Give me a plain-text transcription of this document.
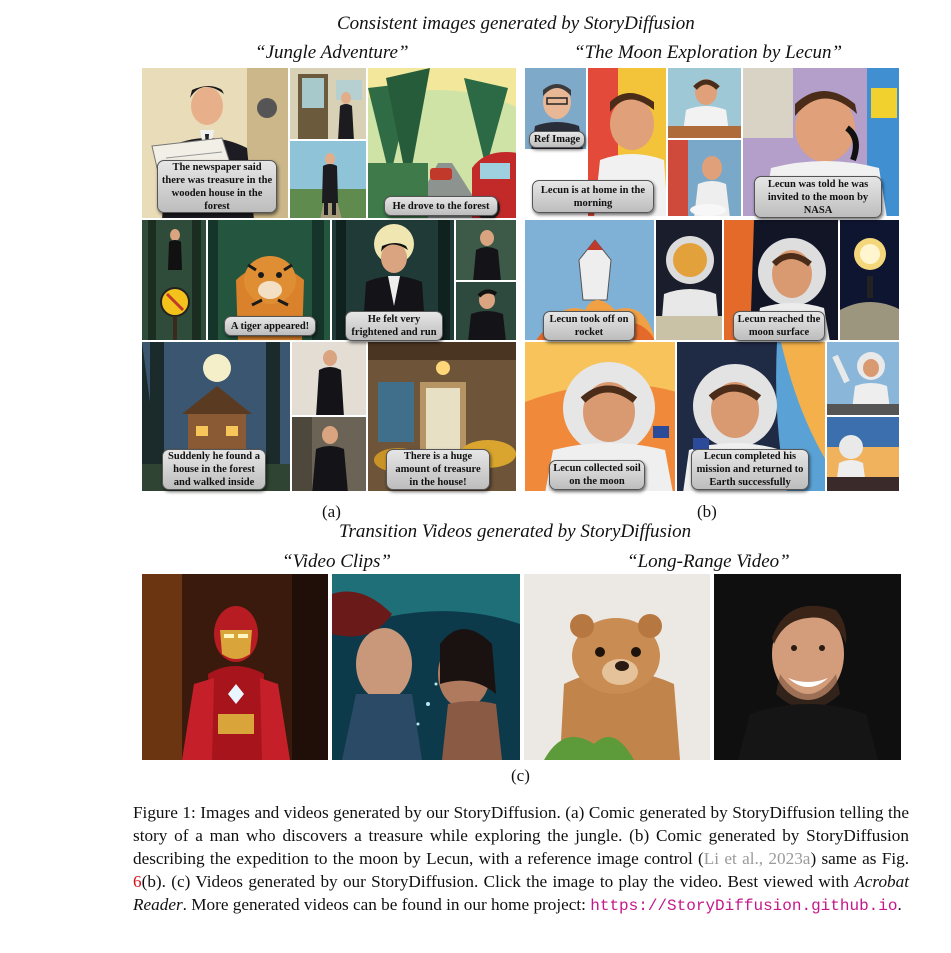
Consistent images generated by StoryDiffusion
“Jungle Adventure”	“The Moon Exploration by Lecun”
The newspaper said there was treasure in the wooden house in the forest	He drove to the forest
A tiger appeared!
He felt very frightened and run
Suddenly he found a house in the forest and walked inside
There is a huge amount of treasure in the house!
(a)
Ref Image
Lecun is at home in the morning
Lecun was told he was invited to the moon by NASA
Lecun took off on rocket
Lecun reached the moon surface
Lecun collected soil on the moon
Lecun completed his mission and returned to Earth successfully
(b)
Transition Videos generated by StoryDiffusion
“Video Clips”	“Long-Range Video”
(c)
Figure 1: Images and videos generated by our StoryDiffusion. (a) Comic generated by StoryDiffusion telling the story of a man who discovers a treasure while exploring the jungle. (b) Comic generated by StoryDiffusion describing the expedition to the moon by Lecun, with a reference image control (Li et al., 2023a) same as Fig. 6(b). (c) Videos generated by our StoryDiffusion. Click the image to play the video. Best viewed with Acrobat Reader. More generated videos can be found in our home project: https://StoryDiffusion.github.io.
